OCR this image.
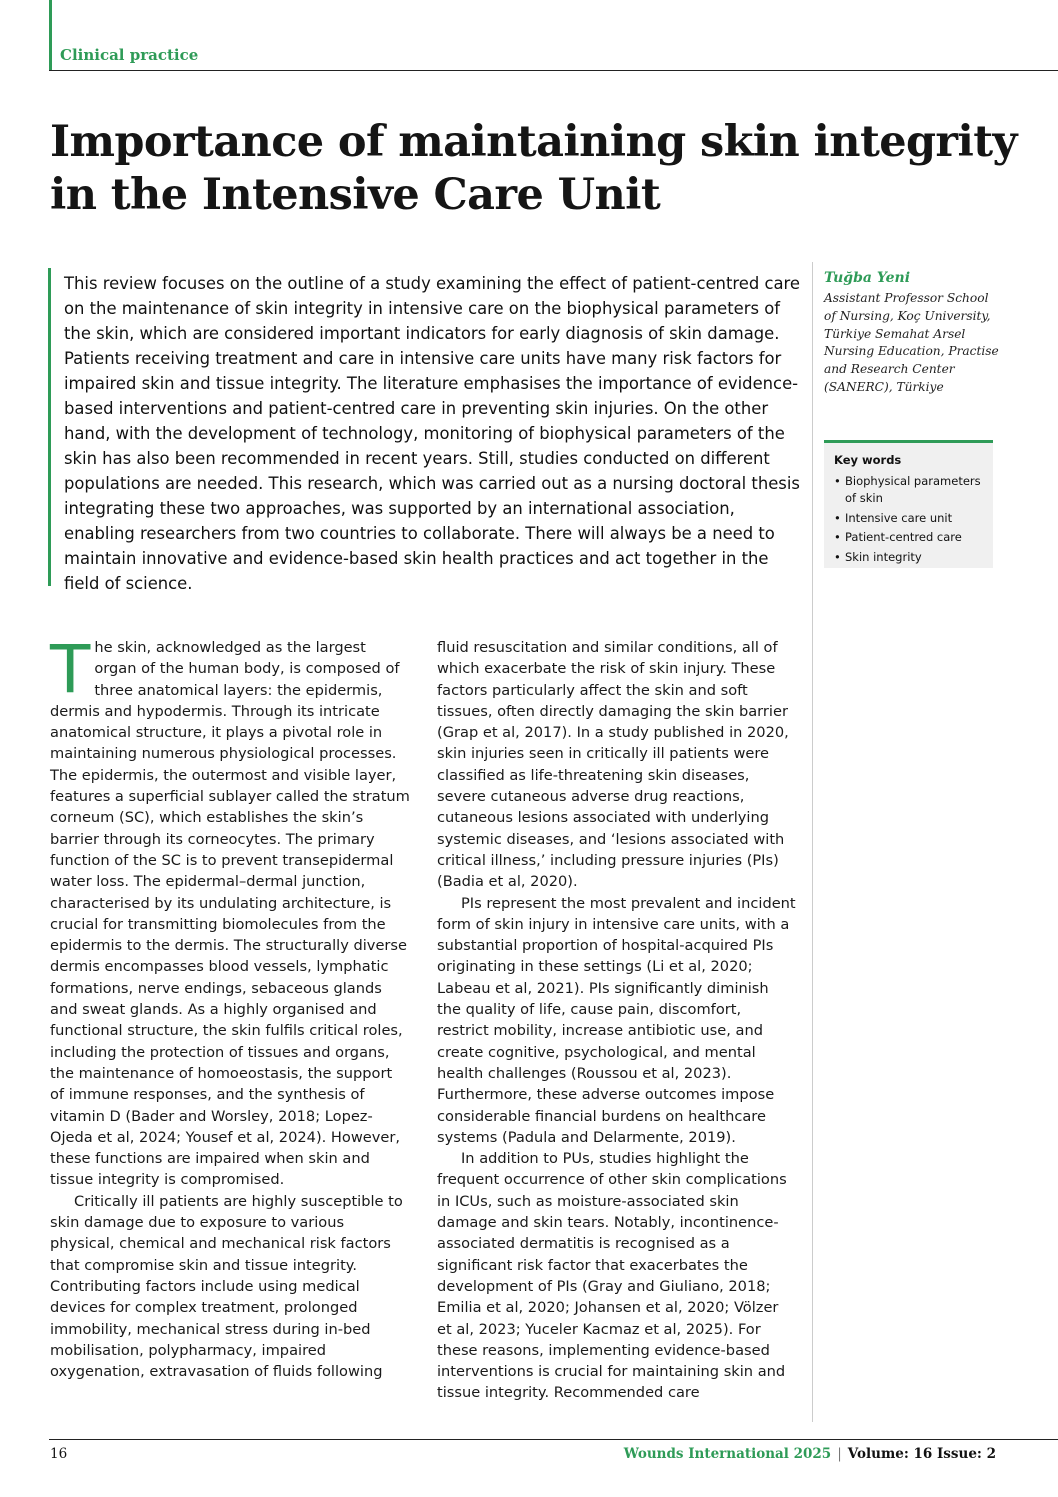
Clinical practice
Importance of maintaining skin integrity in the Intensive Care Unit

This review focuses on the outline of a study examining the effect of patient-centred care on the maintenance of skin integrity in intensive care on the biophysical parameters of the skin, which are considered important indicators for early diagnosis of skin damage. Patients receiving treatment and care in intensive care units have many risk factors for impaired skin and tissue integrity. The literature emphasises the importance of evidence-based interventions and patient-centred care in preventing skin injuries. On the other hand, with the development of technology, monitoring of biophysical parameters of the skin has also been recommended in recent years. Still, studies conducted on different populations are needed. This research, which was carried out as a nursing doctoral thesis integrating these two approaches, was supported by an international association, enabling researchers from two countries to collaborate. There will always be a need to maintain innovative and evidence-based skin health practices and act together in the field of science.

Tuğba Yeni
Assistant Professor School of Nursing, Koç University, Türkiye Semahat Arsel Nursing Education, Practise and Research Center (SANERC), Türkiye
Key words
• Biophysical parameters of skin
• Intensive care unit
• Patient-centred care
• Skin integrity

The skin, acknowledged as the largest organ of the human body, is composed of three anatomical layers: the epidermis, dermis and hypodermis. Through its intricate anatomical structure, it plays a pivotal role in maintaining numerous physiological processes. The epidermis, the outermost and visible layer, features a superficial sublayer called the stratum corneum (SC), which establishes the skin’s barrier through its corneocytes. The primary function of the SC is to prevent transepidermal water loss. The epidermal–dermal junction, characterised by its undulating architecture, is crucial for transmitting biomolecules from the epidermis to the dermis. The structurally diverse dermis encompasses blood vessels, lymphatic formations, nerve endings, sebaceous glands and sweat glands. As a highly organised and functional structure, the skin fulfils critical roles, including the protection of tissues and organs, the maintenance of homoeostasis, the support of immune responses, and the synthesis of vitamin D (Bader and Worsley, 2018; Lopez-Ojeda et al, 2024; Yousef et al, 2024). However, these functions are impaired when skin and tissue integrity is compromised.

Critically ill patients are highly susceptible to skin damage due to exposure to various physical, chemical and mechanical risk factors that compromise skin and tissue integrity. Contributing factors include using medical devices for complex treatment, prolonged immobility, mechanical stress during in-bed mobilisation, polypharmacy, impaired oxygenation, extravasation of fluids following

fluid resuscitation and similar conditions, all of which exacerbate the risk of skin injury. These factors particularly affect the skin and soft tissues, often directly damaging the skin barrier (Grap et al, 2017). In a study published in 2020, skin injuries seen in critically ill patients were classified as life-threatening skin diseases, severe cutaneous adverse drug reactions, cutaneous lesions associated with underlying systemic diseases, and ‘lesions associated with critical illness,’ including pressure injuries (PIs) (Badia et al, 2020).

PIs represent the most prevalent and incident form of skin injury in intensive care units, with a substantial proportion of hospital-acquired PIs originating in these settings (Li et al, 2020; Labeau et al, 2021). PIs significantly diminish the quality of life, cause pain, discomfort, restrict mobility, increase antibiotic use, and create cognitive, psychological, and mental health challenges (Roussou et al, 2023). Furthermore, these adverse outcomes impose considerable financial burdens on healthcare systems (Padula and Delarmente, 2019).

In addition to PUs, studies highlight the frequent occurrence of other skin complications in ICUs, such as moisture-associated skin damage and skin tears. Notably, incontinence-associated dermatitis is recognised as a significant risk factor that exacerbates the development of PIs (Gray and Giuliano, 2018; Emilia et al, 2020; Johansen et al, 2020; Völzer et al, 2023; Yuceler Kacmaz et al, 2025). For these reasons, implementing evidence-based interventions is crucial for maintaining skin and tissue integrity. Recommended care

16	Wounds International 2025 | Volume: 16 Issue: 2
